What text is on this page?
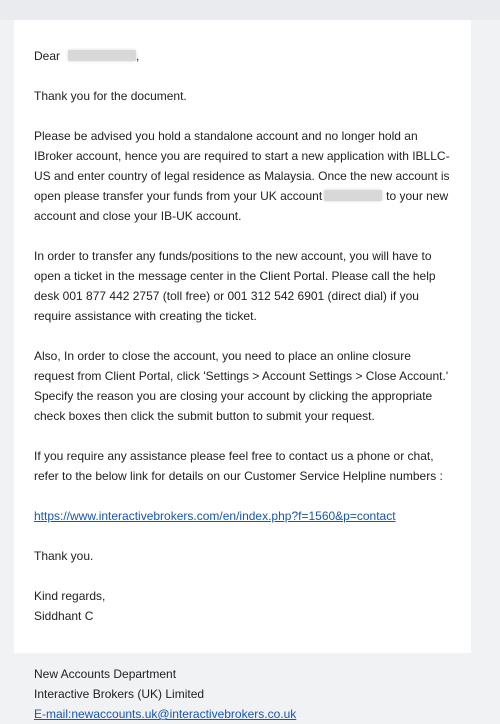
Dear	,

Thank you for the document.

Please be advised you hold a standalone account and no longer hold an IBroker account, hence you are required to start a new application with IBLLC-US and enter country of legal residence as Malaysia. Once the new account is open please transfer your funds from your UK account	to your new account and close your IB-UK account.

In order to transfer any funds/positions to the new account, you will have to open a ticket in the message center in the Client Portal. Please call the help desk 001 877 442 2757 (toll free) or 001 312 542 6901 (direct dial) if you require assistance with creating the ticket.

Also, In order to close the account, you need to place an online closure request from Client Portal, click 'Settings > Account Settings > Close Account.' Specify the reason you are closing your account by clicking the appropriate check boxes then click the submit button to submit your request.

If you require any assistance please feel free to contact us a phone or chat, refer to the below link for details on our Customer Service Helpline numbers :

https://www.interactivebrokers.com/en/index.php?f=1560&p=contact

Thank you.

Kind regards,
Siddhant C
New Accounts Department
Interactive Brokers (UK) Limited
E-mail:newaccounts.uk@interactivebrokers.co.uk
